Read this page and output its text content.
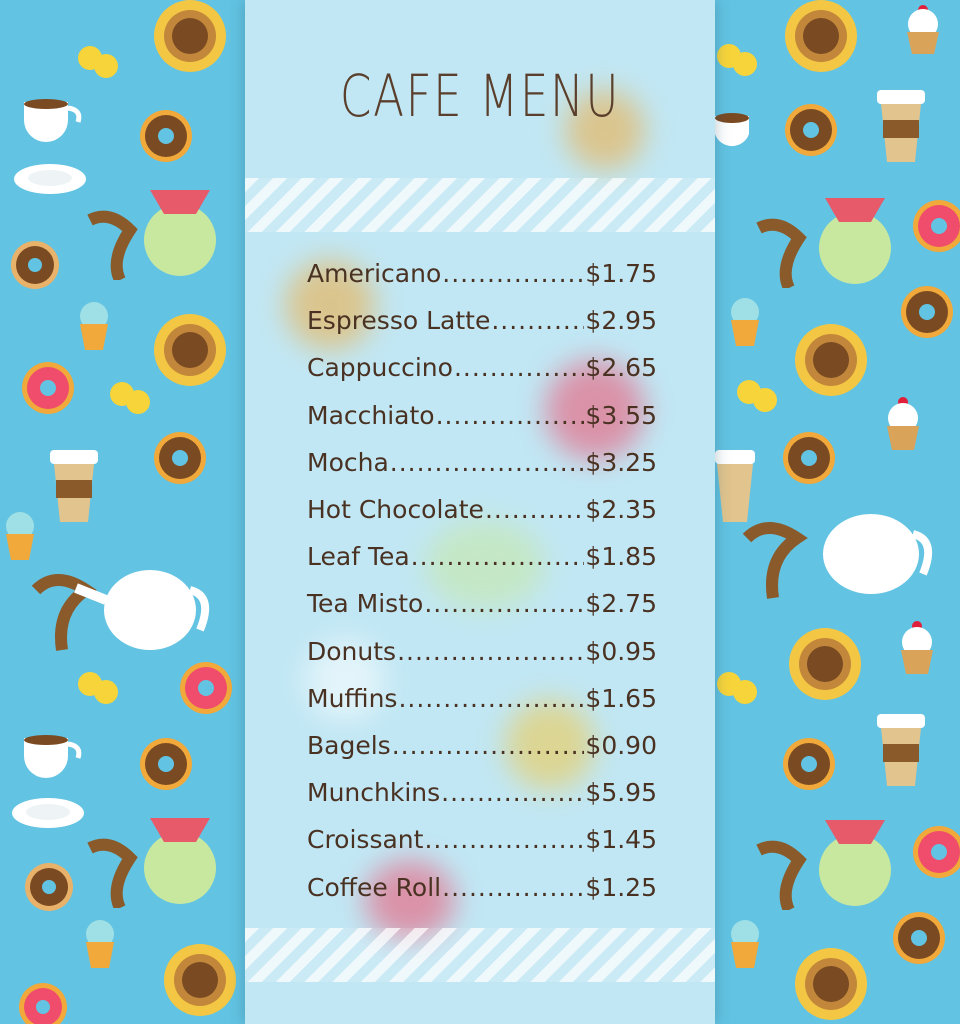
CAFE MENU
Americano .....	$1.75
Espresso Latte .....	$2.95
Cappuccino .....	$2.65
Macchiato .....	$3.55
Mocha .....	$3.25
Hot Chocolate .....	$2.35
Leaf Tea .....	$1.85
Tea Misto .....	$2.75
Donuts .....	$0.95
Muffins .....	$1.65
Bagels .....	$0.90
Munchkins .....	$5.95
Croissant .....	$1.45
Coffee Roll .....	$1.25
